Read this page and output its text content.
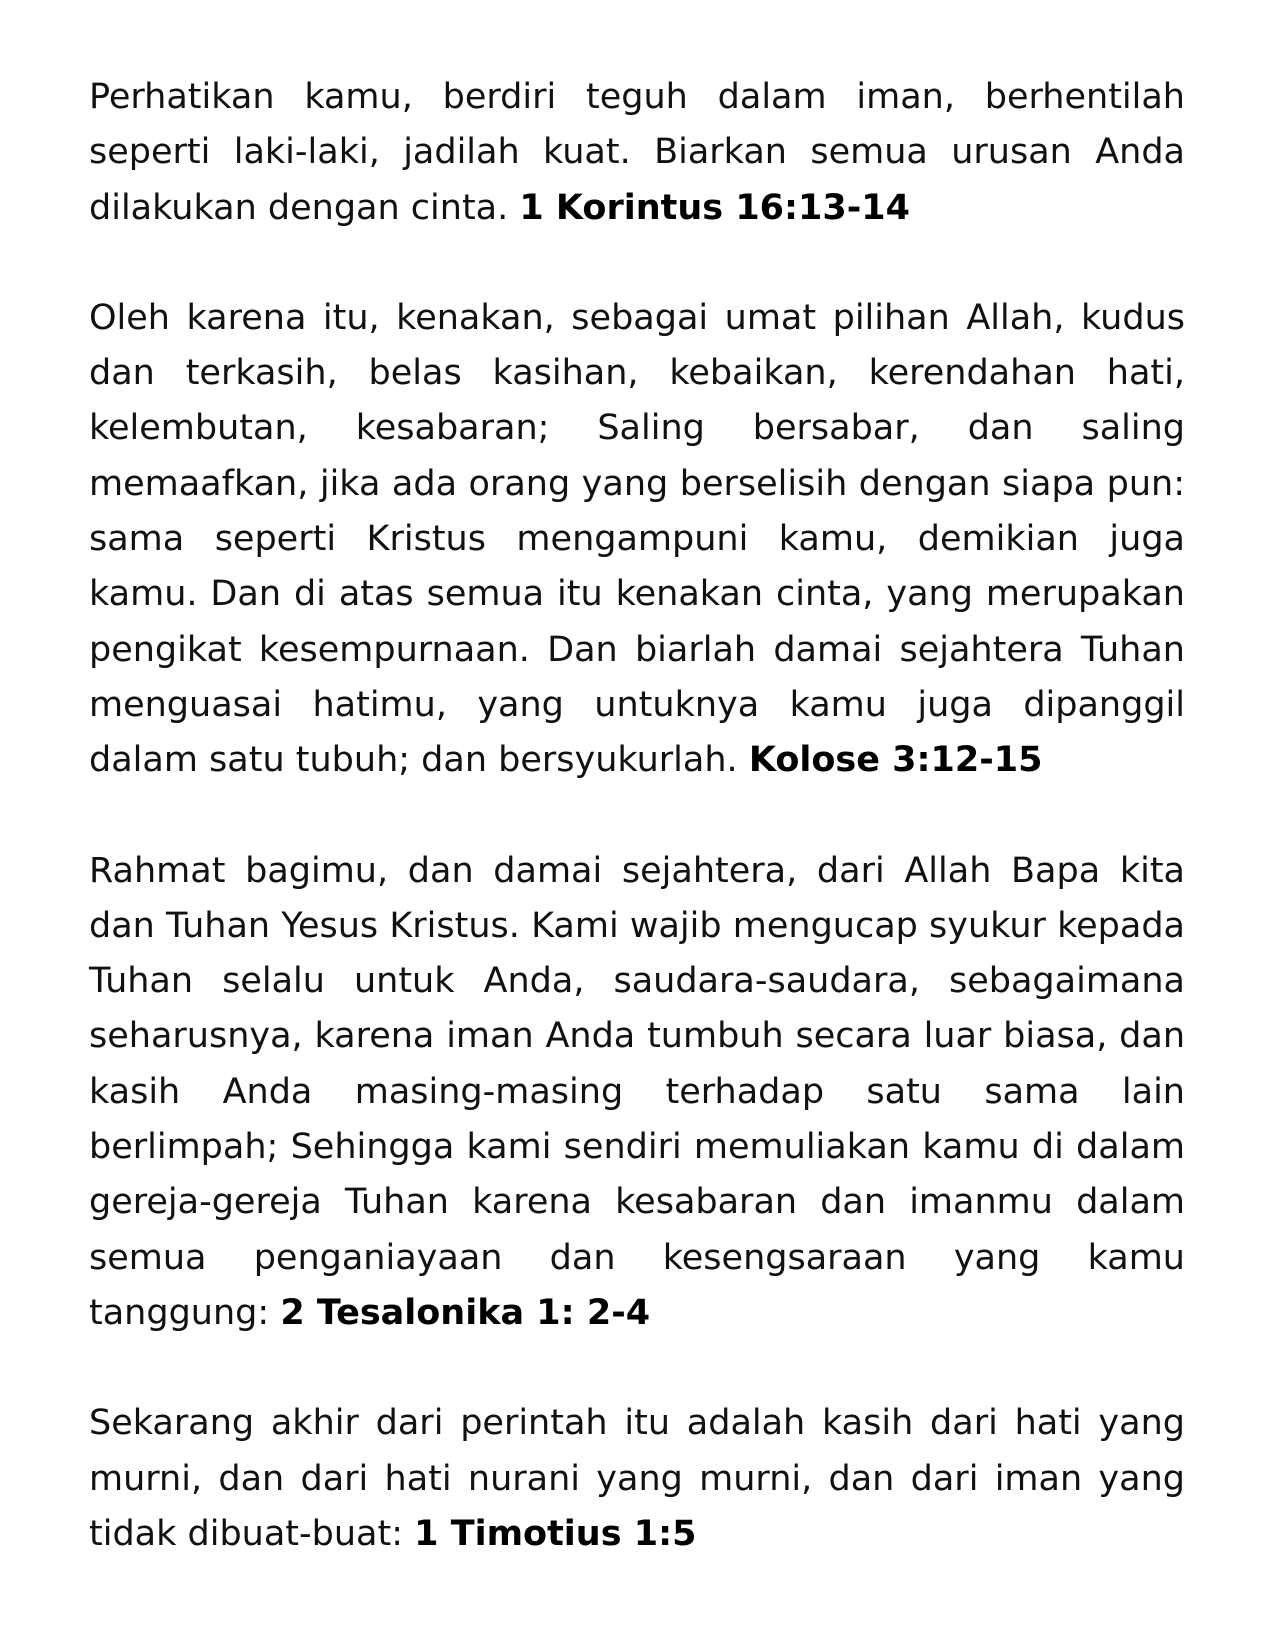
Perhatikan kamu, berdiri teguh dalam iman, berhentilah seperti laki-laki, jadilah kuat. Biarkan semua urusan Anda dilakukan dengan cinta. 1 Korintus 16:13-14

Oleh karena itu, kenakan, sebagai umat pilihan Allah, kudus dan terkasih, belas kasihan, kebaikan, kerendahan hati, kelembutan, kesabaran; Saling bersabar, dan saling memaafkan, jika ada orang yang berselisih dengan siapa pun: sama seperti Kristus mengampuni kamu, demikian juga kamu. Dan di atas semua itu kenakan cinta, yang merupakan pengikat kesempurnaan. Dan biarlah damai sejahtera Tuhan menguasai hatimu, yang untuknya kamu juga dipanggil dalam satu tubuh; dan bersyukurlah. Kolose 3:12-15

Rahmat bagimu, dan damai sejahtera, dari Allah Bapa kita dan Tuhan Yesus Kristus. Kami wajib mengucap syukur kepada Tuhan selalu untuk Anda, saudara-saudara, sebagaimana seharusnya, karena iman Anda tumbuh secara luar biasa, dan kasih Anda masing-masing terhadap satu sama lain berlimpah; Sehingga kami sendiri memuliakan kamu di dalam gereja-gereja Tuhan karena kesabaran dan imanmu dalam semua penganiayaan dan kesengsaraan yang kamu tanggung: 2 Tesalonika 1: 2-4

Sekarang akhir dari perintah itu adalah kasih dari hati yang murni, dan dari hati nurani yang murni, dan dari iman yang tidak dibuat-buat: 1 Timotius 1:5
